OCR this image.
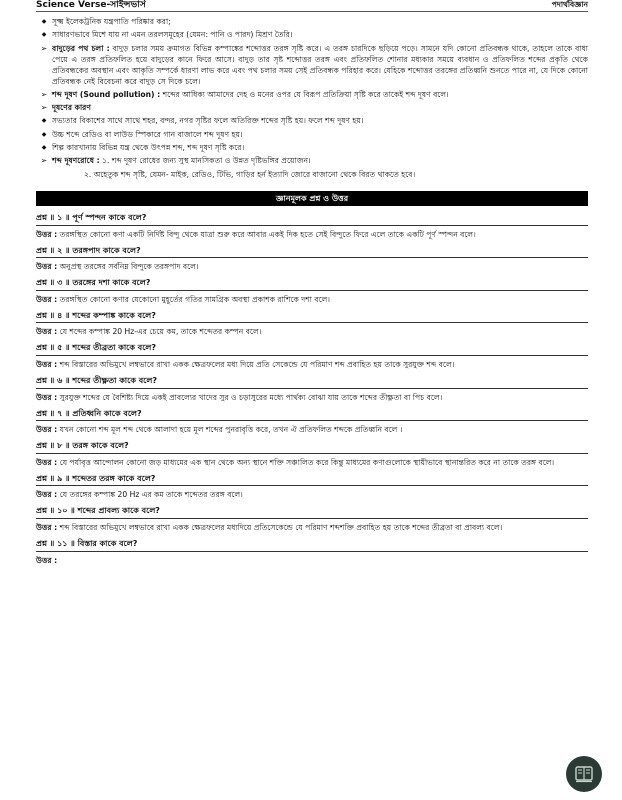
Science Verse-সাইন্সভার্স	পদার্থবিজ্ঞান
◆ সূক্ষ্ম ইলেকট্রনিক যন্ত্রপাতি পরিষ্কার করা;
◆ সাধারণভাবে মিশে যায় না এমন তরলসমূহের (যেমন: পানি ও পারদ) মিশ্রণ তৈরি।
➢ বাদুড়ের পথ চলা : বাদুড় চলার সময় ক্রমাগত বিভিন্ন কম্পাঙ্কের শব্দোত্তর তরঙ্গ সৃষ্টি করে। এ তরঙ্গ চারদিকে ছড়িয়ে পড়ে। সামনে যদি কোনো প্রতিবন্ধক থাকে, তাহলে তাকে বাধা পেয়ে এ তরঙ্গ প্রতিফলিত হয়ে বাদুড়ের কানে ফিরে আসে। বাদুড় তার সৃষ্ট শব্দোত্তর তরঙ্গ এবং প্রতিফলিত শোনার মধ্যকার সময়ে ব্যবধান ও প্রতিফলিত শব্দের প্রকৃতি থেকে প্রতিবন্ধকের অবস্থান এবং আকৃতি সম্পর্কে ধারণা লাভ করে এবং পথ চলার সময় সেই প্রতিবন্ধক পরিহার করে। যেহিকে শব্দোত্তর তরঙ্গের প্রতিধ্বনি শুনতে পারে না, যে দিকে কোনো প্রতিবন্ধক নেই বিবেচনা করে বাদুড় সে দিকে চলে।
➢ শব্দ দূষণ (Sound pollution) : শব্দের আধিক্য আমাদের দেহ ও মনের ওপর যে বিরূপ প্রতিক্রিয়া সৃষ্টি করে তাকেই শব্দ দূষণ বলে।
➢ দূষণের কারণ
◆ সভ্যতার বিকাশের সাথে সাথে শহর, বন্দর, নগর সৃষ্টির ফলে অতিরিক্ত শব্দের সৃষ্টি হয়। ফলে শব্দ দূষণ হয়।
◆ উচ্চ শব্দে রেডিও বা লাউড স্পিকারে গান বাজালে শব্দ দূষণ হয়।
◆ শিল্প কারখানায় বিভিন্ন যন্ত্র থেকে উৎপন্ন শব্দ, শব্দ দূষণ সৃষ্টি করে।
➢ শব্দ দূষণরোধে : ১. শব্দ দূষণ রোধের জন্য সুস্থ মানসিকতা ও উন্নত দৃষ্টিভঙ্গির প্রয়োজন।
২. অহেতুক শব্দ সৃষ্টি, যেমন- মাইক, রেডিও, টিভি, গাড়ির হর্ন ইত্যাদি জোরে বাজানো থেকে বিরত থাকতে হবে।
জ্ঞানমূলক প্রশ্ন ও উত্তর
প্রশ্ন ॥ ১ ॥ পূর্ণ স্পন্দন কাকে বলে?
উত্তর : তরঙ্গস্থিত কোনো কণা একটি নির্দিষ্ট বিন্দু থেকে যাত্রা শুরু করে আবার একই দিক হতে সেই বিন্দুতে ফিরে এলে তাকে একটি পূর্ণ স্পন্দন বলে।
প্রশ্ন ॥ ২ ॥ তরঙ্গপাদ কাকে বলে?
উত্তর : অনুপ্রস্থ তরঙ্গের সর্বনিম্ন বিন্দুকে তরঙ্গপাদ বলে।
প্রশ্ন ॥ ৩ ॥ তরঙ্গের দশা কাকে বলে?
উত্তর : তরঙ্গস্থিত কোনো কণার যেকোনো মুহূর্তের গতির সামগ্রিক অবস্থা প্রকাশক রাশিকে দশা বলে।
প্রশ্ন ॥ ৪ ॥ শব্দের কম্পাঙ্ক কাকে বলে?
উত্তর : যে শব্দের কম্পাঙ্ক 20 Hz-এর চেয়ে কম, তাকে শব্দেতর কম্পন বলে।
প্রশ্ন ॥ ৫ ॥ শব্দের তীব্রতা কাকে বলে?
উত্তর : শব্দ বিস্তারের অভিমুখে লম্বভাবে রাখা একক ক্ষেত্রফলের মধ্য দিয়ে প্রতি সেকেন্ডে যে পরিমাণ শব্দ প্রবাহিত হয় তাকে সুরযুক্ত শব্দ বলে।
প্রশ্ন ॥ ৬ ॥ শব্দের তীক্ষ্ণতা কাকে বলে?
উত্তর : সুরযুক্ত শব্দের যে বৈশিষ্ট্য দিয়ে একই প্রাবল্যের খাদের সুর ও চড়াসুরের মধ্যে পার্থক্য বোঝা যায় তাকে শব্দের তীক্ষ্ণতা বা পিচ বলে।
প্রশ্ন ॥ ৭ ॥ প্রতিধ্বনি কাকে বলে?
উত্তর : যখন কোনো শব্দ মূল শব্দ থেকে আলাদা হয়ে মূল শব্দের পুনরাবৃত্তি করে, তখন ঐ প্রতিফলিত শব্দকে প্রতিধ্বনি বলে ।
প্রশ্ন ॥ ৮ ॥ তরঙ্গ কাকে বলে?
উত্তর : যে পর্যাবৃত্ত আন্দোলন কোনো জড় মাধ্যমের এক স্থান থেকে অন্য স্থানে শক্তি সঞ্চালিত করে কিন্তু মাধ্যমের কণাগুলোকে স্থায়ীভাবে স্থানান্তরিত করে না তাকে তরঙ্গ বলে।
প্রশ্ন ॥ ৯ ॥ শব্দেতর তরঙ্গ কাকে বলে?
উত্তর : যে তরঙ্গের কম্পাঙ্ক 20 Hz এর কম তাকে শব্দেতর তরঙ্গ বলে।
প্রশ্ন ॥ ১০ ॥ শব্দের প্রাবল্য কাকে বলে?
উত্তর : শব্দ বিস্তারের অভিমুখে লম্বভাবে রাখা একক ক্ষেত্রফলের মধ্যদিয়ে প্রতিসেকেন্ডে যে পরিমাণ শব্দশক্তি প্রবাহিত হয় তাকে শব্দের তীব্রতা বা প্রাবল্য বলে।
প্রশ্ন ॥ ১১ ॥ বিস্তার কাকে বলে?
উত্তর :
